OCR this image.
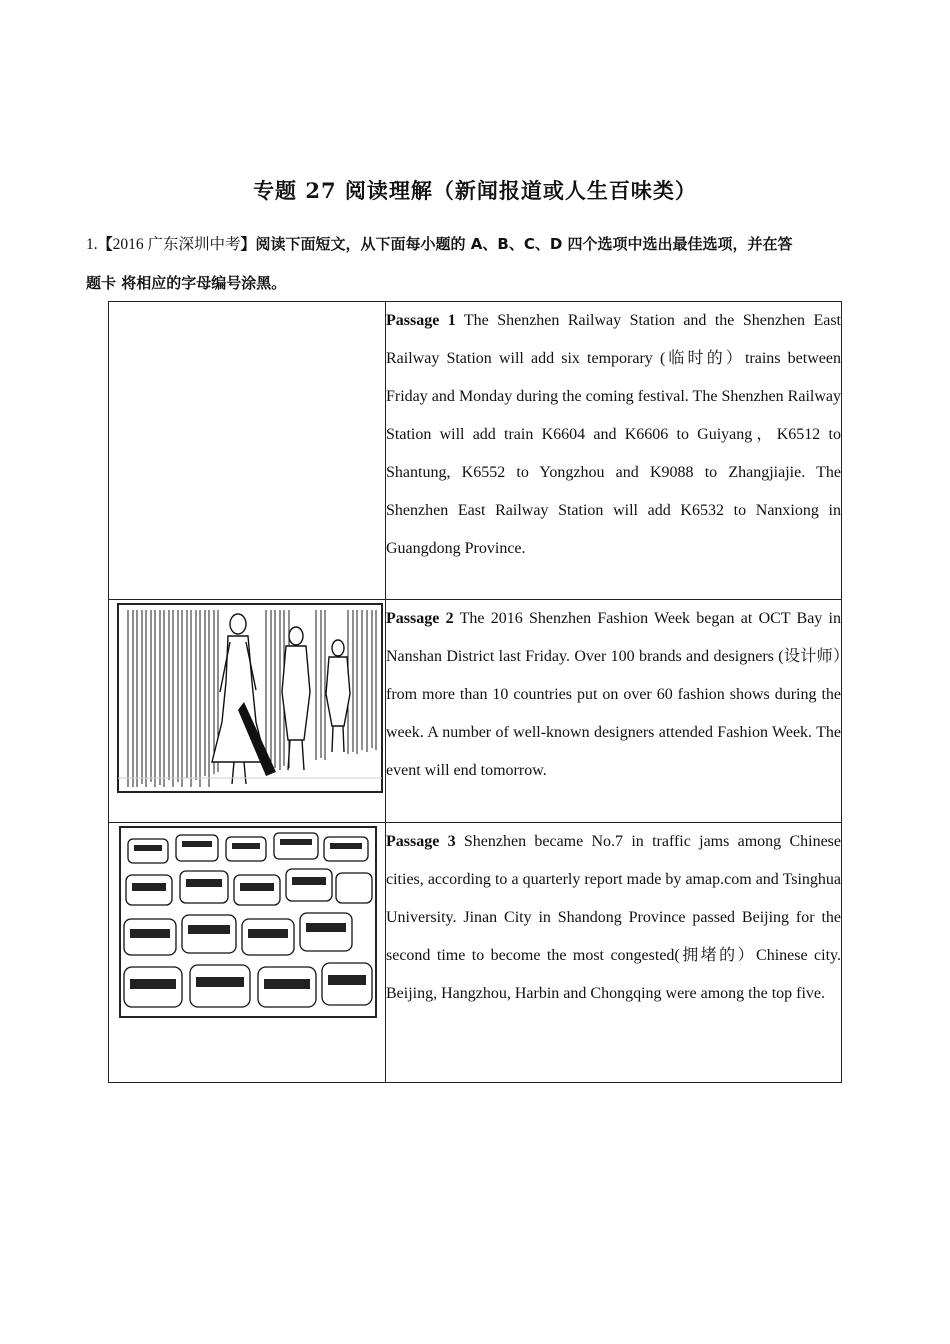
专题 27 阅读理解（新闻报道或人生百味类）
1.【2016 广东深圳中考】阅读下面短文，从下面每小题的 A、B、C、D 四个选项中选出最佳选项，并在答
题卡 将相应的字母编号涂黑。
	Passage 1 The Shenzhen Railway Station and the Shenzhen East Railway Station will add six temporary (临时的）trains between Friday and Monday during the coming festival. The Shenzhen Railway Station will add train K6604 and K6606 to Guiyang，K6512 to Shantung, K6552 to Yongzhou and K9088 to Zhangjiajie. The Shenzhen East Railway Station will add K6532 to Nanxiong in Guangdong Province.

	Passage 2 The 2016 Shenzhen Fashion Week began at OCT Bay in Nanshan District last Friday. Over 100 brands and designers (设计师）from more than 10 countries put on over 60 fashion shows during the week. A number of well-known designers attended Fashion Week. The event will end tomorrow.

	Passage 3 Shenzhen became No.7 in traffic jams among Chinese cities, according to a quarterly report made by amap.com and Tsinghua University. Jinan City in Shandong Province passed Beijing for the second time to become the most congested(拥堵的）Chinese city. Beijing, Hangzhou, Harbin and Chongqing were among the top five.
